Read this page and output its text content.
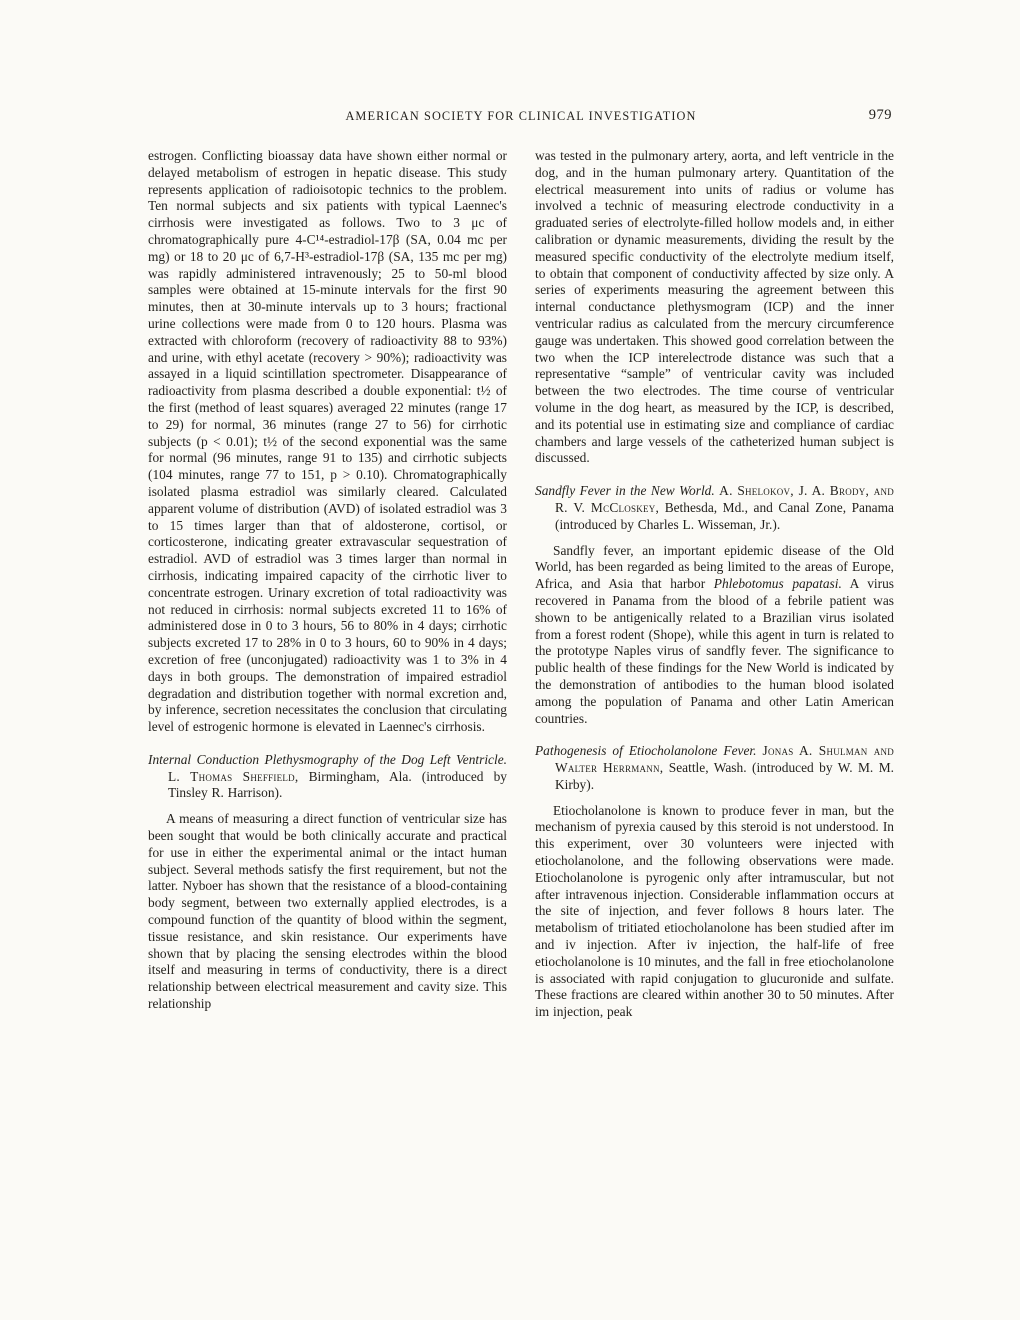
AMERICAN SOCIETY FOR CLINICAL INVESTIGATION	979

estrogen. Conflicting bioassay data have shown either normal or delayed metabolism of estrogen in hepatic disease. This study represents application of radioisotopic technics to the problem. Ten normal subjects and six patients with typical Laennec's cirrhosis were investigated as follows. Two to 3 μc of chromatographically pure 4-C¹⁴-estradiol-17β (SA, 0.04 mc per mg) or 18 to 20 μc of 6,7-H³-estradiol-17β (SA, 135 mc per mg) was rapidly administered intravenously; 25 to 50-ml blood samples were obtained at 15-minute intervals for the first 90 minutes, then at 30-minute intervals up to 3 hours; fractional urine collections were made from 0 to 120 hours. Plasma was extracted with chloroform (recovery of radioactivity 88 to 93%) and urine, with ethyl acetate (recovery > 90%); radioactivity was assayed in a liquid scintillation spectrometer. Disappearance of radioactivity from plasma described a double exponential: t½ of the first (method of least squares) averaged 22 minutes (range 17 to 29) for normal, 36 minutes (range 27 to 56) for cirrhotic subjects (p < 0.01); t½ of the second exponential was the same for normal (96 minutes, range 91 to 135) and cirrhotic subjects (104 minutes, range 77 to 151, p > 0.10). Chromatographically isolated plasma estradiol was similarly cleared. Calculated apparent volume of distribution (AVD) of isolated estradiol was 3 to 15 times larger than that of aldosterone, cortisol, or corticosterone, indicating greater extravascular sequestration of estradiol. AVD of estradiol was 3 times larger than normal in cirrhosis, indicating impaired capacity of the cirrhotic liver to concentrate estrogen. Urinary excretion of total radioactivity was not reduced in cirrhosis: normal subjects excreted 11 to 16% of administered dose in 0 to 3 hours, 56 to 80% in 4 days; cirrhotic subjects excreted 17 to 28% in 0 to 3 hours, 60 to 90% in 4 days; excretion of free (unconjugated) radioactivity was 1 to 3% in 4 days in both groups. The demonstration of impaired estradiol degradation and distribution together with normal excretion and, by inference, secretion necessitates the conclusion that circulating level of estrogenic hormone is elevated in Laennec's cirrhosis.

Internal Conduction Plethysmography of the Dog Left Ventricle. L. Thomas Sheffield, Birmingham, Ala. (introduced by Tinsley R. Harrison).

A means of measuring a direct function of ventricular size has been sought that would be both clinically accurate and practical for use in either the experimental animal or the intact human subject. Several methods satisfy the first requirement, but not the latter. Nyboer has shown that the resistance of a blood-containing body segment, between two externally applied electrodes, is a compound function of the quantity of blood within the segment, tissue resistance, and skin resistance. Our experiments have shown that by placing the sensing electrodes within the blood itself and measuring in terms of conductivity, there is a direct relationship between electrical measurement and cavity size. This relationship

was tested in the pulmonary artery, aorta, and left ventricle in the dog, and in the human pulmonary artery. Quantitation of the electrical measurement into units of radius or volume has involved a technic of measuring electrode conductivity in a graduated series of electrolyte-filled hollow models and, in either calibration or dynamic measurements, dividing the result by the measured specific conductivity of the electrolyte medium itself, to obtain that component of conductivity affected by size only. A series of experiments measuring the agreement between this internal conductance plethysmogram (ICP) and the inner ventricular radius as calculated from the mercury circumference gauge was undertaken. This showed good correlation between the two when the ICP interelectrode distance was such that a representative “sample” of ventricular cavity was included between the two electrodes. The time course of ventricular volume in the dog heart, as measured by the ICP, is described, and its potential use in estimating size and compliance of cardiac chambers and large vessels of the catheterized human subject is discussed.

Sandfly Fever in the New World. A. Shelokov, J. A. Brody, and R. V. McCloskey, Bethesda, Md., and Canal Zone, Panama (introduced by Charles L. Wisseman, Jr.).

Sandfly fever, an important epidemic disease of the Old World, has been regarded as being limited to the areas of Europe, Africa, and Asia that harbor Phlebotomus papatasi. A virus recovered in Panama from the blood of a febrile patient was shown to be antigenically related to a Brazilian virus isolated from a forest rodent (Shope), while this agent in turn is related to the prototype Naples virus of sandfly fever. The significance to public health of these findings for the New World is indicated by the demonstration of antibodies to the human blood isolated among the population of Panama and other Latin American countries.

Pathogenesis of Etiocholanolone Fever. Jonas A. Shulman and Walter Herrmann, Seattle, Wash. (introduced by W. M. M. Kirby).

Etiocholanolone is known to produce fever in man, but the mechanism of pyrexia caused by this steroid is not understood. In this experiment, over 30 volunteers were injected with etiocholanolone, and the following observations were made. Etiocholanolone is pyrogenic only after intramuscular, but not after intravenous injection. Considerable inflammation occurs at the site of injection, and fever follows 8 hours later. The metabolism of tritiated etiocholanolone has been studied after im and iv injection. After iv injection, the half-life of free etiocholanolone is 10 minutes, and the fall in free etiocholanolone is associated with rapid conjugation to glucuronide and sulfate. These fractions are cleared within another 30 to 50 minutes. After im injection, peak
